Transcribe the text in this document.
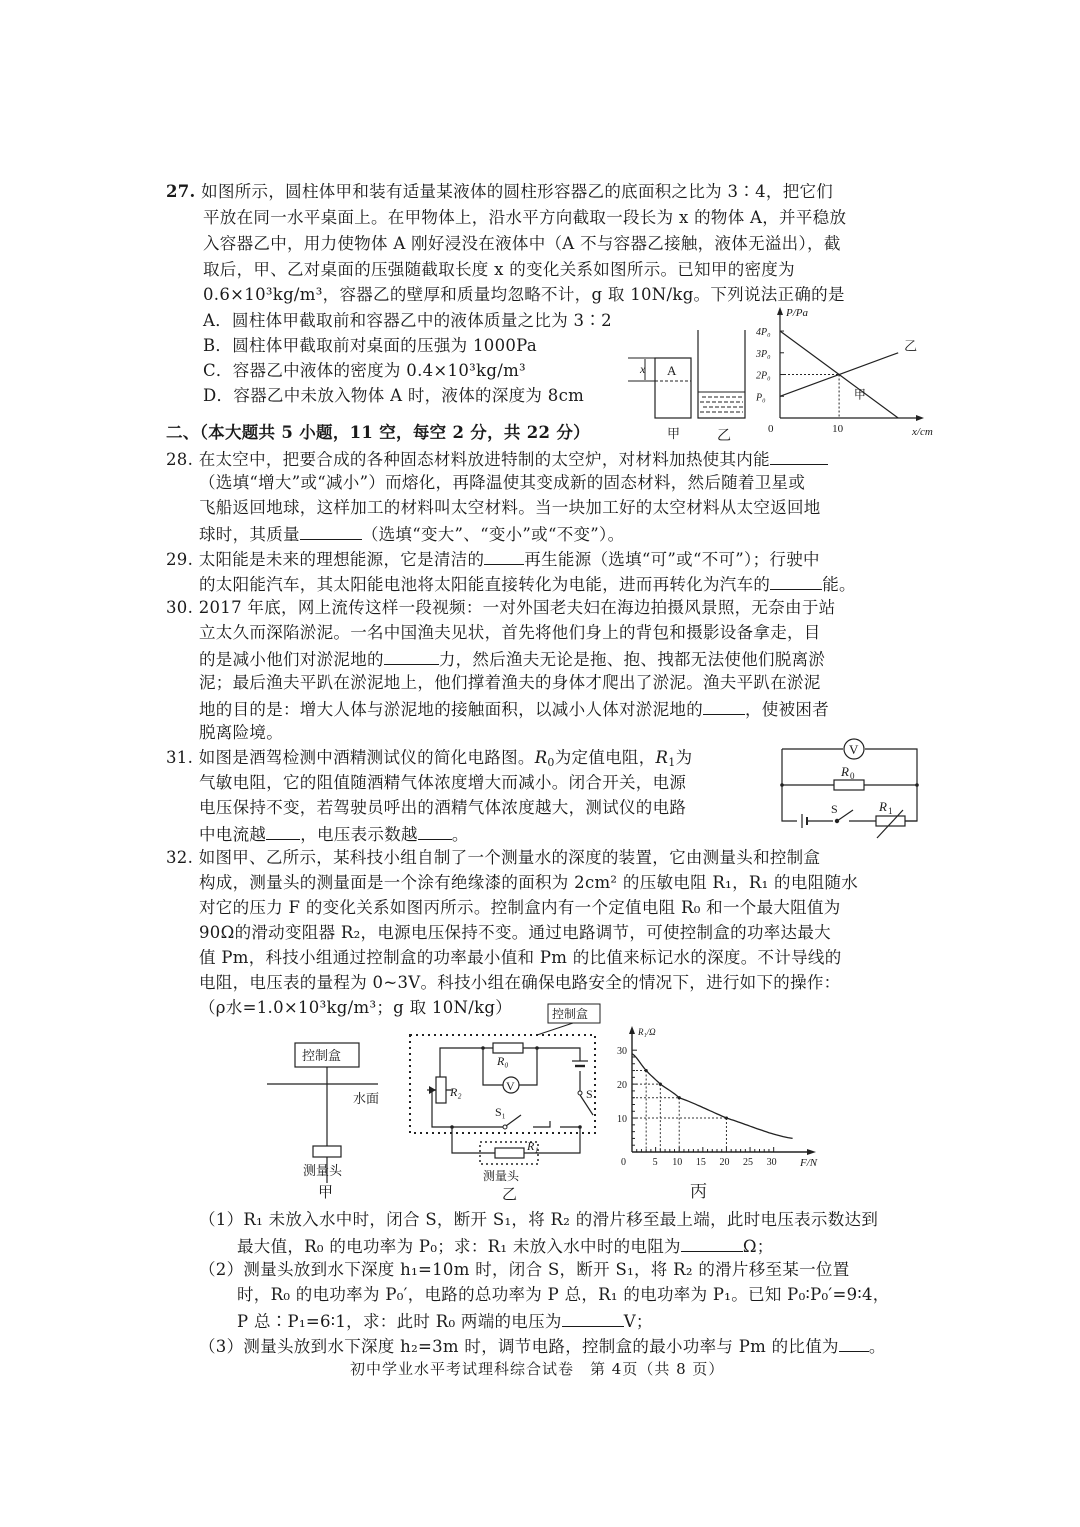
27. 如图所示，圆柱体甲和装有适量某液体的圆柱形容器乙的底面积之比为 3∶4，把它们
平放在同一水平桌面上。在甲物体上，沿水平方向截取一段长为 x 的物体 A，并平稳放
入容器乙中，用力使物体 A 刚好浸没在液体中（A 不与容器乙接触，液体无溢出），截
取后，甲、乙对桌面的压强随截取长度 x 的变化关系如图所示。已知甲的密度为
0.6×10³kg/m³，容器乙的壁厚和质量均忽略不计，g 取 10N/kg。下列说法正确的是
A．圆柱体甲截取前和容器乙中的液体质量之比为 3∶2
B．圆柱体甲截取前对桌面的压强为 1000Pa
C．容器乙中液体的密度为 0.4×10³kg/m³
D．容器乙中未放入物体 A 时，液体的深度为 8cm
x A
甲	乙
P/Pa
x/cm
0	10
P₀
2P₀
3P₀
4P₀
甲
乙
二、（本大题共 5 小题，11 空，每空 2 分，共 22 分）
28. 在太空中，把要合成的各种固态材料放进特制的太空炉，对材料加热使其内能
（选填“增大”或“减小”）而熔化，再降温使其变成新的固态材料，然后随着卫星或
飞船返回地球，这样加工的材料叫太空材料。当一块加工好的太空材料从太空返回地
球时，其质量	（选填“变大”、“变小”或“不变”）。
29. 太阳能是未来的理想能源，它是清洁的 再生能源（选填“可”或“不可”）；行驶中
的太阳能汽车，其太阳能电池将太阳能直接转化为电能，进而再转化为汽车的	能。
30. 2017 年底，网上流传这样一段视频：一对外国老夫妇在海边拍摄风景照，无奈由于站
立太久而深陷淤泥。一名中国渔夫见状，首先将他们身上的背包和摄影设备拿走，目
的是减小他们对淤泥地的	力，然后渔夫无论是拖、抱、拽都无法使他们脱离淤
泥；最后渔夫平趴在淤泥地上，他们撑着渔夫的身体才爬出了淤泥。渔夫平趴在淤泥
地的目的是：增大人体与淤泥地的接触面积，以减小人体对淤泥地的	，使被困者
脱离险境。
31. 如图是酒驾检测中酒精测试仪的简化电路图。$R_0$为定值电阻，$R_1$为
气敏电阻，它的阻值随酒精气体浓度增大而减小。闭合开关，电源
电压保持不变，若驾驶员呼出的酒精气体浓度越大，测试仪的电路
中电流越 ，电压表示数越 。
V
R 0
S	R 1
32. 如图甲、乙所示，某科技小组自制了一个测量水的深度的装置，它由测量头和控制盒
构成，测量头的测量面是一个涂有绝缘漆的面积为 2cm² 的压敏电阻 R₁，R₁ 的电阻随水
对它的压力 F 的变化关系如图丙所示。控制盒内有一个定值电阻 R₀ 和一个最大阻值为
90Ω的滑动变阻器 R₂，电源电压保持不变。通过电路调节，可使控制盒的功率达最大
值 Pm，科技小组通过控制盒的功率最小值和 Pm 的比值来标记水的深度。不计导线的
电阻，电压表的量程为 0~3V。科技小组在确保电路安全的情况下，进行如下的操作：
（ρ水=1.0×10³kg/m³；g 取 10N/kg）
控制盒
水面
测量头
甲
控制盒
V
S
S₁
R₀
R₂
R₁
测量头
乙
R₁/Ω
F/N
0	5 10 15 20 25 30
10
20
30
丙
（1）R₁ 未放入水中时，闭合 S，断开 S₁，将 R₂ 的滑片移至最上端，此时电压表示数达到
最大值，R₀ 的电功率为 P₀；求：R₁ 未放入水中时的电阻为	Ω；
（2）测量头放到水下深度 h₁=10m 时，闭合 S，断开 S₁，将 R₂ 的滑片移至某一位置
时，R₀ 的电功率为 P₀′，电路的总功率为 P 总，R₁ 的电功率为 P₁。已知 P₀∶P₀′=9∶4，
P 总∶P₁=6∶1，求：此时 R₀ 两端的电压为	V；
（3）测量头放到水下深度 h₂=3m 时，调节电路，控制盒的最小功率与 Pm 的比值为 。
初中学业水平考试理科综合试卷　第 4页（共 8 页）
